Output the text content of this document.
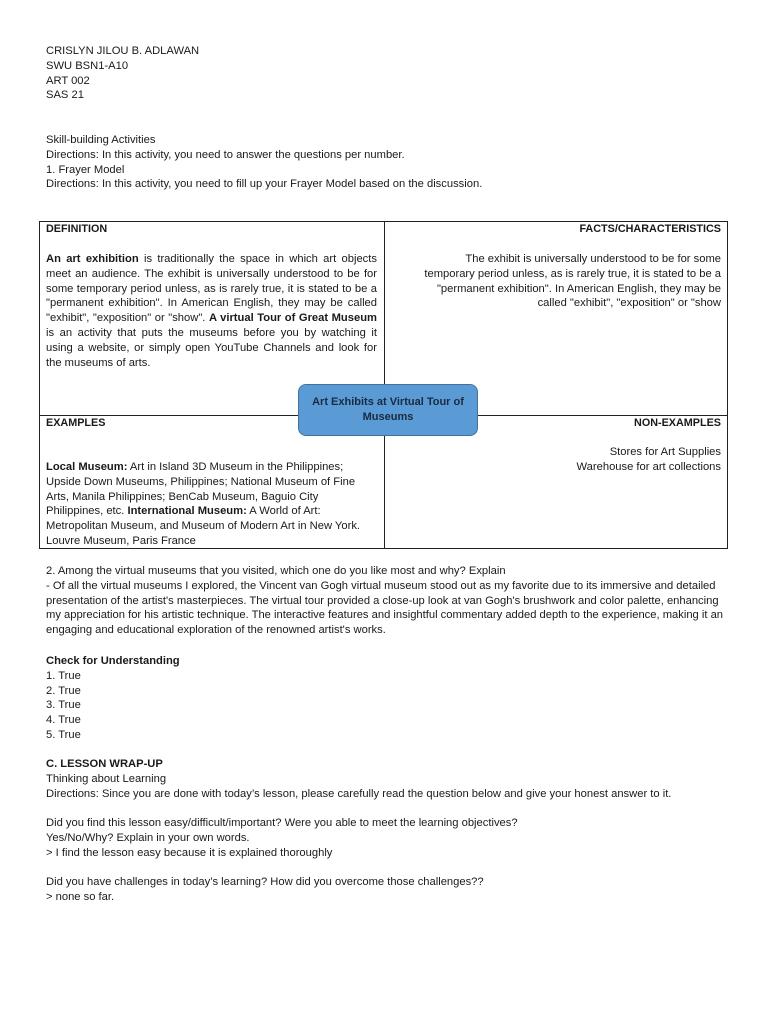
CRISLYN JILOU B. ADLAWAN
SWU BSN1-A10
ART 002
SAS 21
Skill-building Activities
Directions: In this activity, you need to answer the questions per number.
1. Frayer Model
Directions: In this activity, you need to fill up your Frayer Model based on the discussion.
DEFINITION	FACTS/CHARACTERISTICS
EXAMPLES	NON-EXAMPLES
An art exhibition is traditionally the space in which art objects meet an audience. The exhibit is universally understood to be for some temporary period unless, as is rarely true, it is stated to be a "permanent exhibition". In American English, they may be called "exhibit", "exposition" or "show". A virtual Tour of Great Museum is an activity that puts the museums before you by watching it using a website, or simply open YouTube Channels and look for the museums of arts.
The exhibit is universally understood to be for some temporary period unless, as is rarely true, it is stated to be a "permanent exhibition". In American English, they may be called "exhibit", "exposition" or "show
Local Museum: Art in Island 3D Museum in the Philippines; Upside Down Museums, Philippines; National Museum of Fine Arts, Manila Philippines; BenCab Museum, Baguio City Philippines, etc. International Museum: A World of Art: Metropolitan Museum, and Museum of Modern Art in New York. Louvre Museum, Paris France
Stores for Art Supplies
Warehouse for art collections
Art Exhibits at Virtual Tour of Museums
2. Among the virtual museums that you visited, which one do you like most and why? Explain
- Of all the virtual museums I explored, the Vincent van Gogh virtual museum stood out as my favorite due to its immersive and detailed presentation of the artist's masterpieces. The virtual tour provided a close-up look at van Gogh's brushwork and color palette, enhancing my appreciation for his artistic technique. The interactive features and insightful commentary added depth to the experience, making it an engaging and educational exploration of the renowned artist's works.
Check for Understanding
1. True
2. True
3. True
4. True
5. True
C. LESSON WRAP-UP
Thinking about Learning
Directions: Since you are done with today’s lesson, please carefully read the question below and give your honest answer to it.
Did you find this lesson easy/difficult/important? Were you able to meet the learning objectives?
Yes/No/Why? Explain in your own words.
> I find the lesson easy because it is explained thoroughly
Did you have challenges in today’s learning? How did you overcome those challenges??
> none so far.
